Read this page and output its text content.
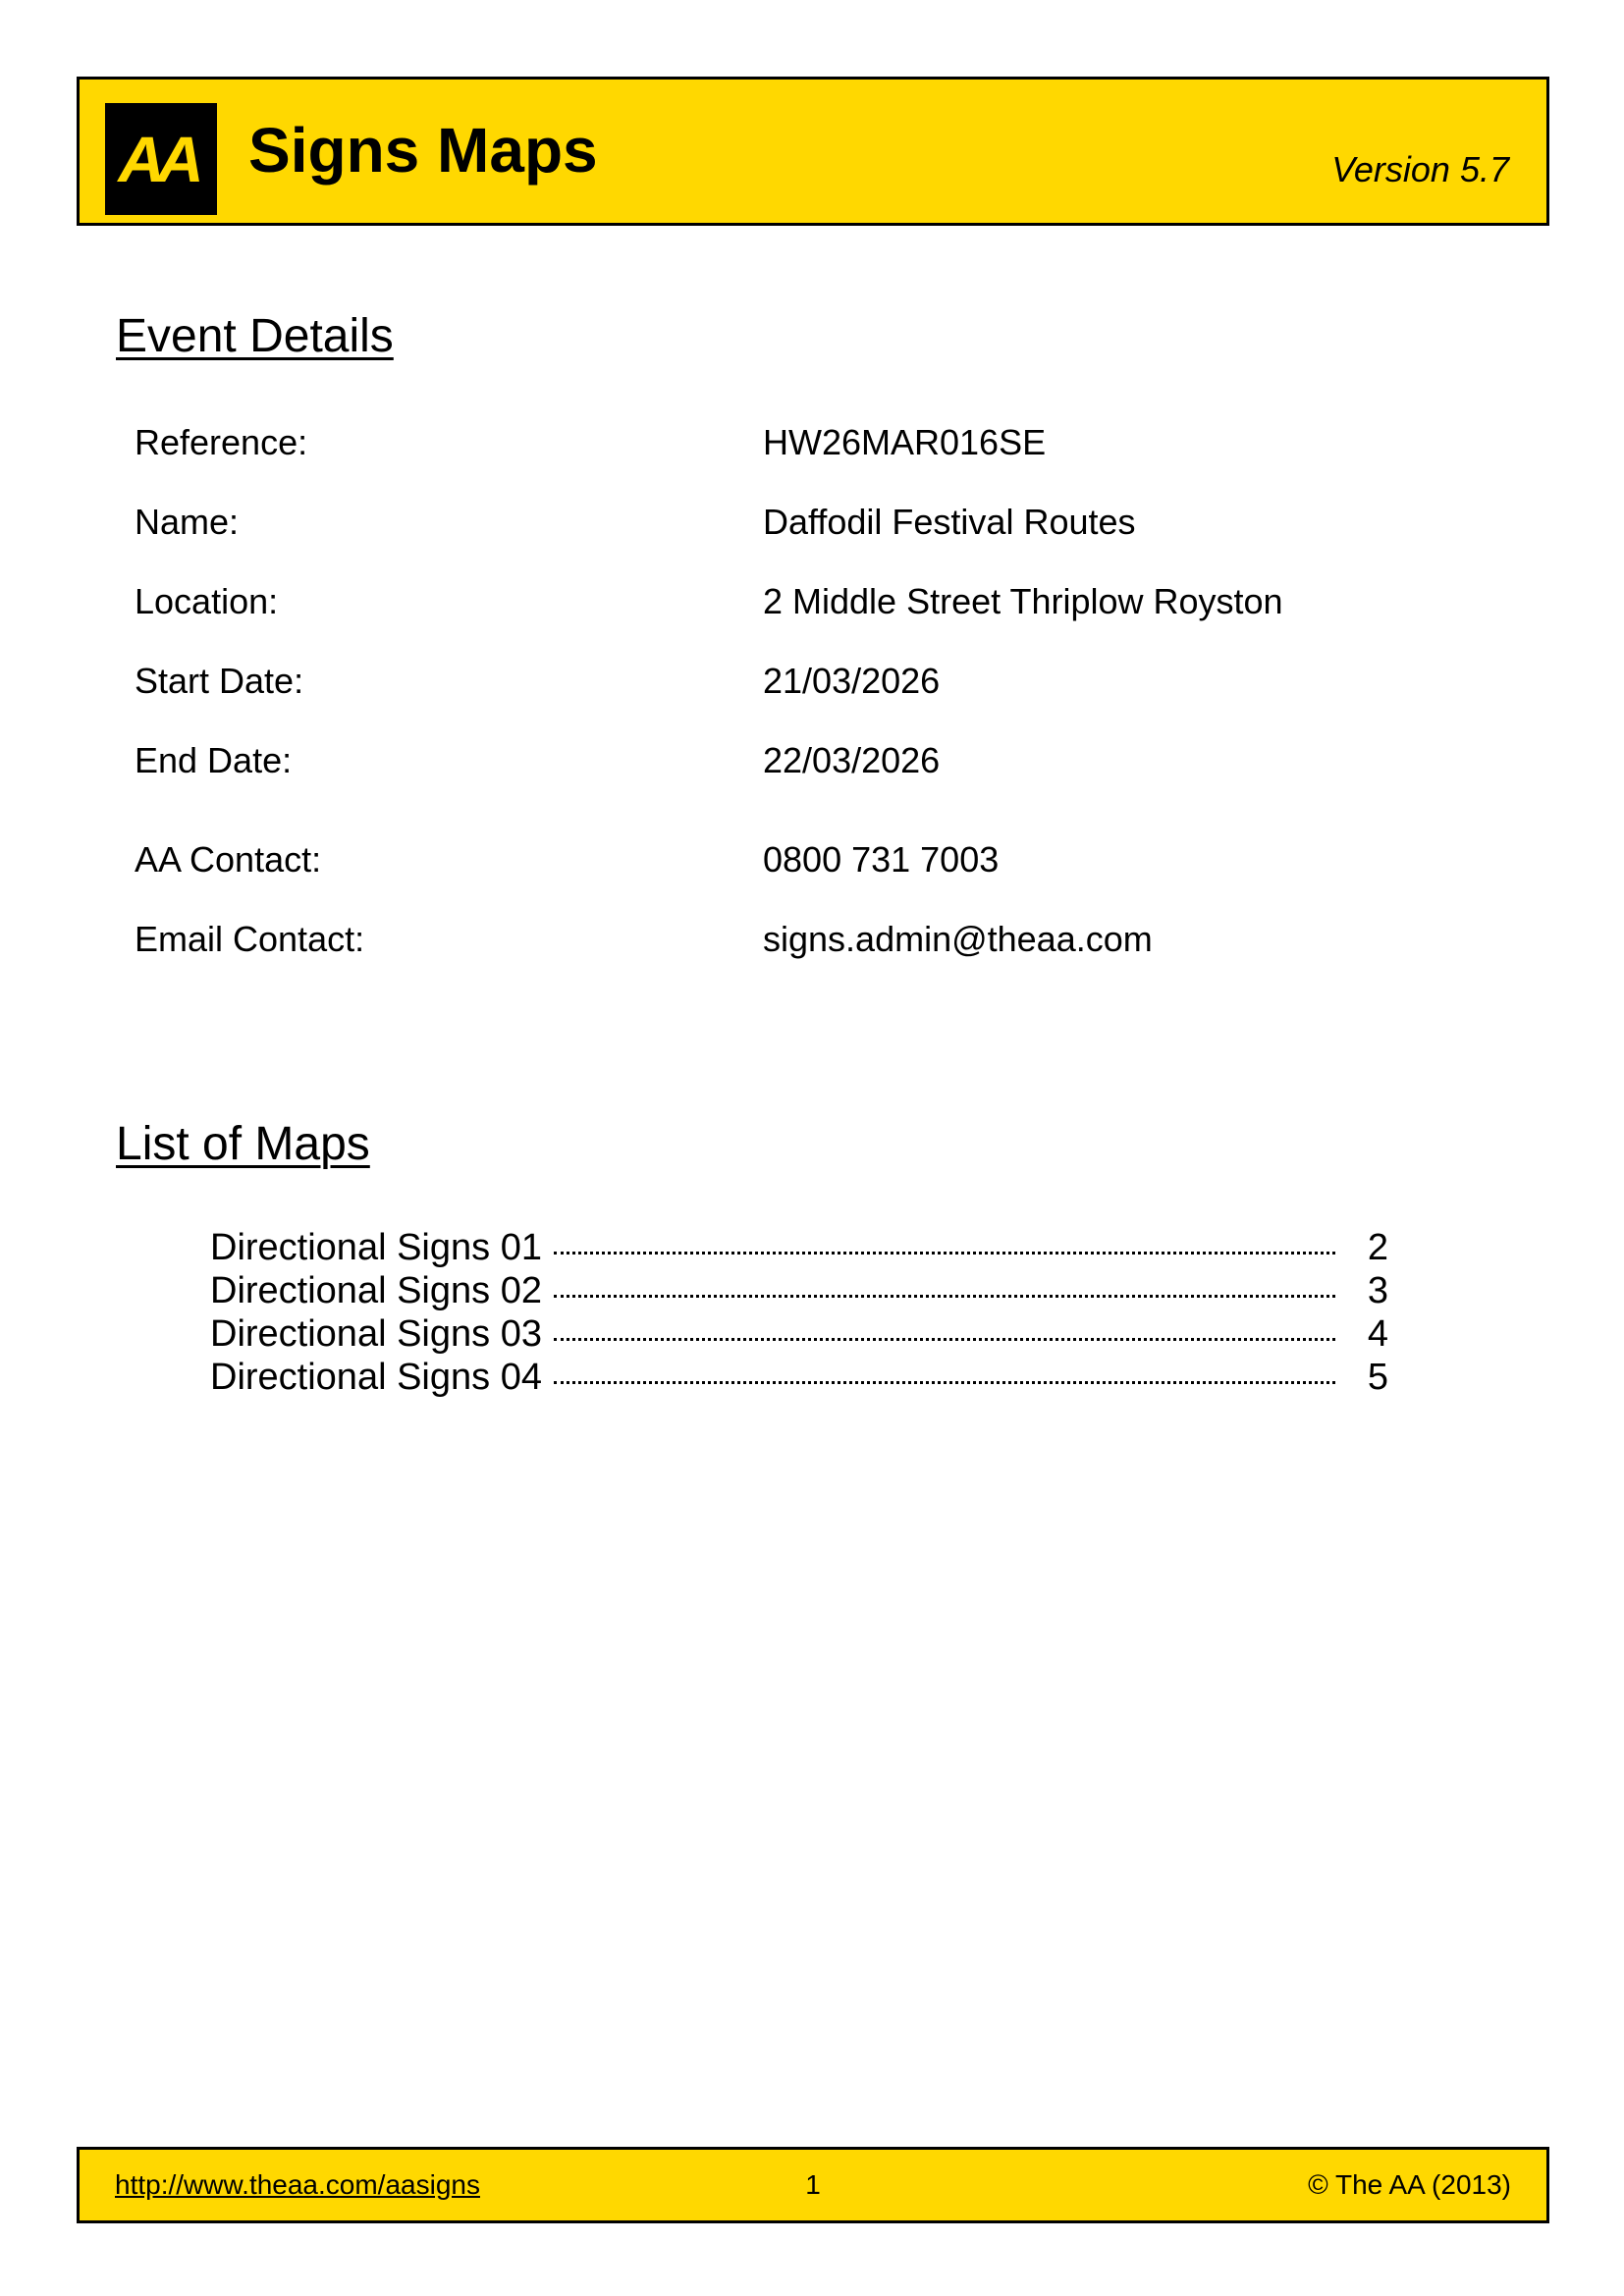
AA Signs Maps	Version 5.7
Event Details
Reference:	HW26MAR016SE
Name:	Daffodil Festival Routes
Location:	2 Middle Street Thriplow Royston
Start Date:	21/03/2026
End Date:	22/03/2026
AA Contact:	0800 731 7003
Email Contact:	signs.admin@theaa.com
List of Maps
Directional Signs 01	2
Directional Signs 02	3
Directional Signs 03	4
Directional Signs 04	5
http://www.theaa.com/aasigns	1	© The AA (2013)
